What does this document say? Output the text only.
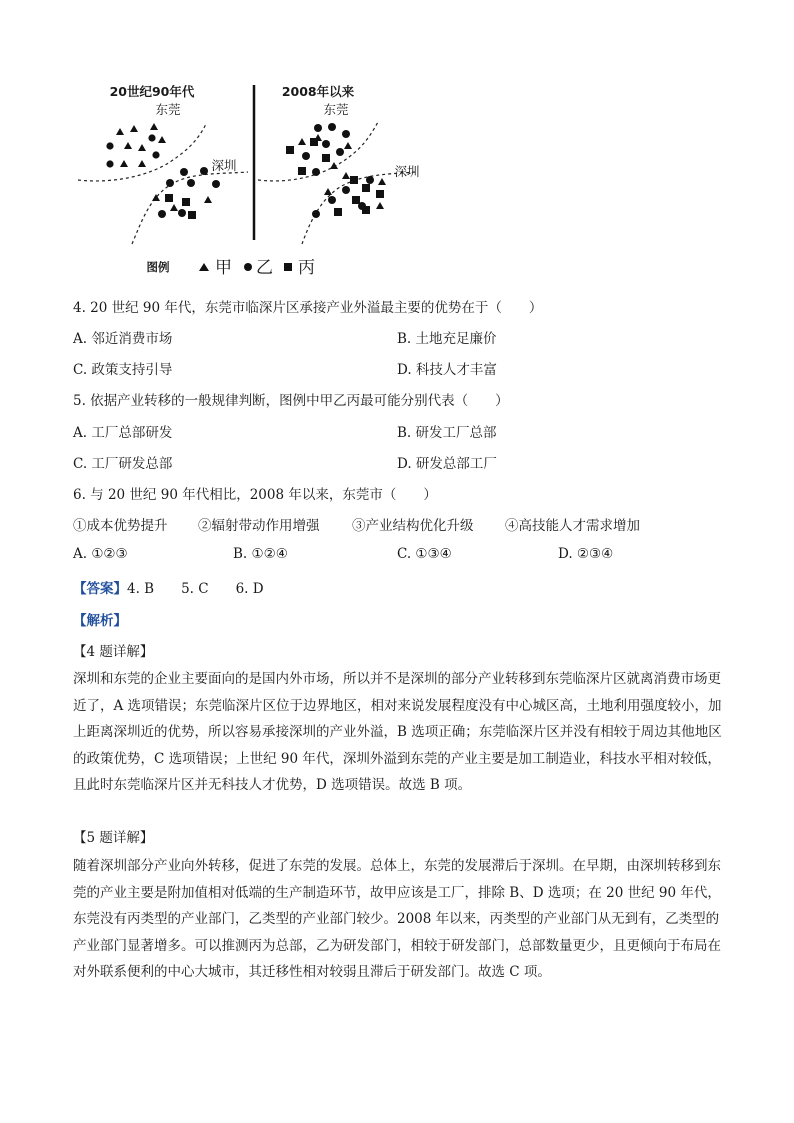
20世纪90年代	2008年以来
东莞	东莞
深圳	深圳
图例	甲 乙 丙
4. 20 世纪 90 年代，东莞市临深片区承接产业外溢最主要的优势在于（　　）
A. 邻近消费市场	B. 土地充足廉价
C. 政策支持引导	D. 科技人才丰富
5. 依据产业转移的一般规律判断，图例中甲乙丙最可能分别代表（　　）
A. 工厂总部研发	B. 研发工厂总部
C. 工厂研发总部	D. 研发总部工厂
6. 与 20 世纪 90 年代相比，2008 年以来，东莞市（　　）
①成本优势提升 ②辐射带动作用增强 ③产业结构优化升级 ④高技能人才需求增加
A. ①②③	B. ①②④	C. ①③④	D. ②③④
【答案】4. B　　5. C　　6. D
【解析】
【4 题详解】
深圳和东莞的企业主要面向的是国内外市场，所以并不是深圳的部分产业转移到东莞临深片区就离消费市场更近了，A 选项错误；东莞临深片区位于边界地区，相对来说发展程度没有中心城区高，土地利用强度较小，加上距离深圳近的优势，所以容易承接深圳的产业外溢，B 选项正确；东莞临深片区并没有相较于周边其他地区的政策优势，C 选项错误；上世纪 90 年代，深圳外溢到东莞的产业主要是加工制造业，科技水平相对较低，且此时东莞临深片区并无科技人才优势，D 选项错误。故选 B 项。
【5 题详解】
随着深圳部分产业向外转移，促进了东莞的发展。总体上，东莞的发展滞后于深圳。在早期，由深圳转移到东莞的产业主要是附加值相对低端的生产制造环节，故甲应该是工厂，排除 B、D 选项；在 20 世纪 90 年代，东莞没有丙类型的产业部门，乙类型的产业部门较少。2008 年以来，丙类型的产业部门从无到有，乙类型的产业部门显著增多。可以推测丙为总部，乙为研发部门，相较于研发部门，总部数量更少，且更倾向于布局在对外联系便利的中心大城市，其迁移性相对较弱且滞后于研发部门。故选 C 项。
